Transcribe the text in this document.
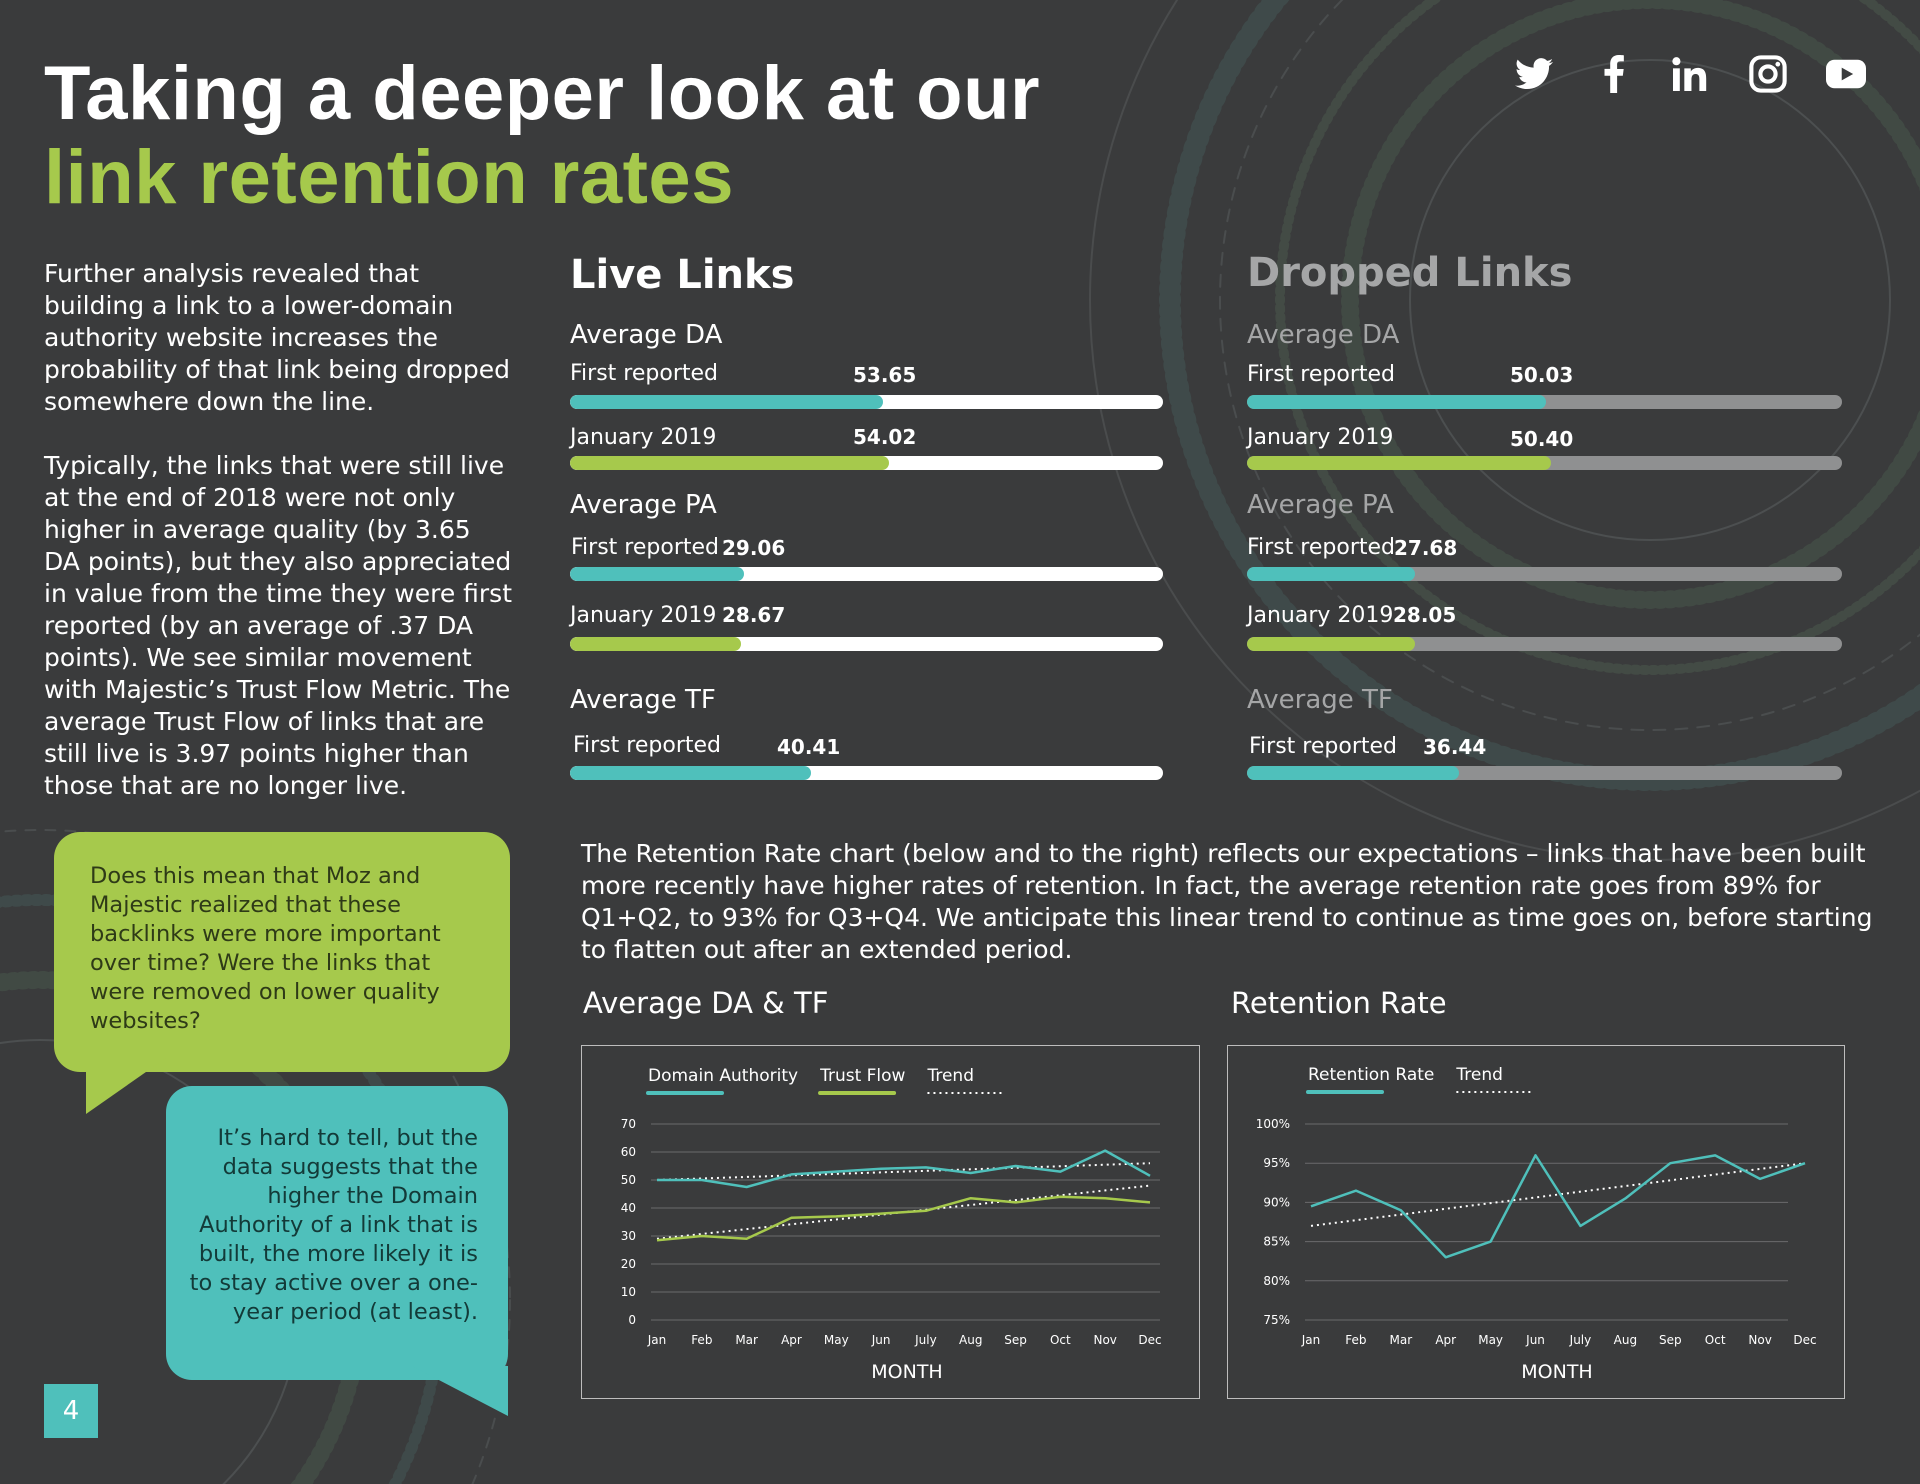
Taking a deeper look at our
link retention rates

Further analysis revealed that building a link to a lower-domain authority website increases the probability of that link being dropped somewhere down the line.

Typically, the links that were still live at the end of 2018 were not only higher in average quality (by 3.65 DA points), but they also appreciated in value from the time they were first reported (by an average of .37 DA points). We see similar movement with Majestic’s Trust Flow Metric. The average Trust Flow of links that are still live is 3.97 points higher than those that are no longer live.

Does this mean that Moz and Majestic realized that these backlinks were more important over time? Were the links that were removed on lower quality websites?
It’s hard to tell, but the data suggests that the higher the Domain Authority of a link that is built, the more likely it is to stay active over a one-year period (at least).
4
Live Links
Average DA
First reported	53.65
January 2019	54.02
Average PA
First reported 29.06
January 2019 28.67
Average TF
First reported	40.41
Dropped Links
Average DA
First reported	50.03
January 2019	50.40
Average PA
First reported 27.68
January 2019 28.05
Average TF
First reported 36.44
The Retention Rate chart (below and to the right) reflects our expectations – links that have been built more recently have higher rates of retention. In fact, the average retention rate goes from 89% for Q1+Q2, to 93% for Q3+Q4. We anticipate this linear trend to continue as time goes on, before starting to flatten out after an extended period.
Average DA & TF	Retention Rate
Domain Authority Trust Flow Trend
0
10
20
30
40
50
60
70
Jan Feb Mar Apr May Jun July Aug Sep Oct Nov Dec
MONTH
Retention Rate Trend
75%
80%
85%
90%
95%
100%
Jan Feb Mar Apr May Jun July Aug Sep Oct Nov Dec
MONTH
